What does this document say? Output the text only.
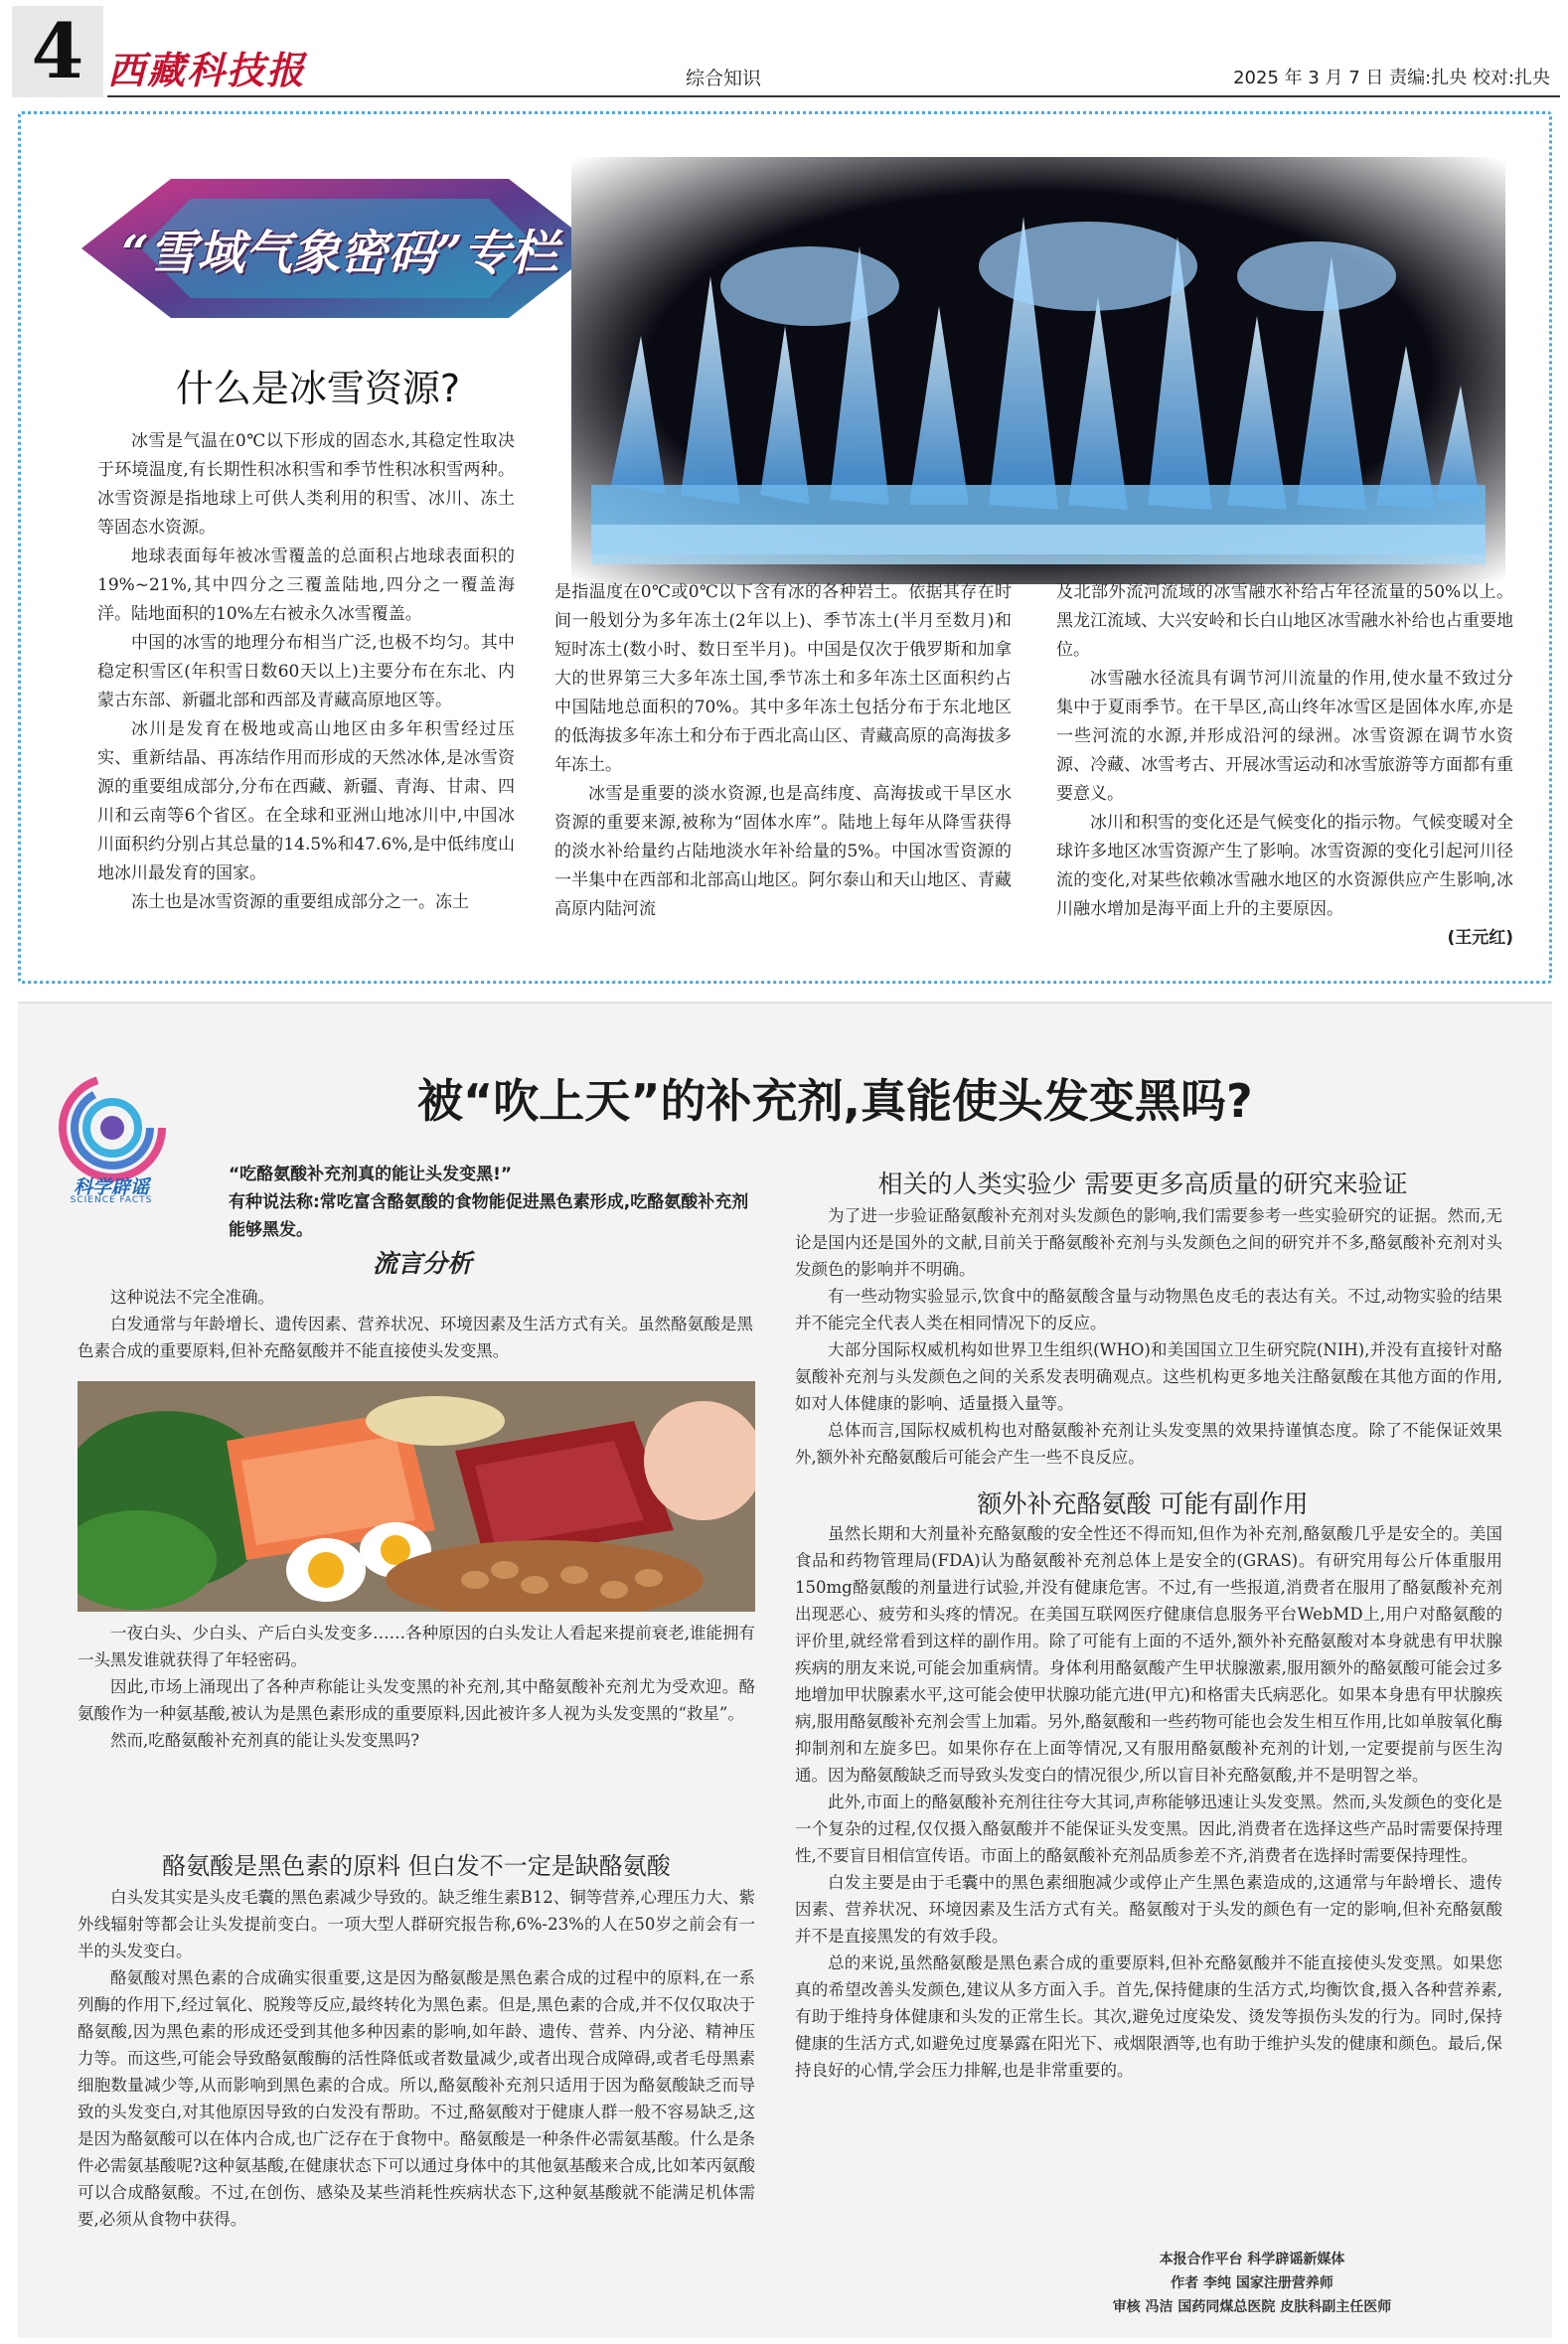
4 西藏科技报	综合知识	2025 年 3 月 7 日 责编:扎央 校对:扎央
“雪域气象密码”专栏
什么是冰雪资源?

冰雪是气温在0℃以下形成的固态水,其稳定性取决于环境温度,有长期性积冰积雪和季节性积冰积雪两种。冰雪资源是指地球上可供人类利用的积雪、冰川、冻土等固态水资源。

地球表面每年被冰雪覆盖的总面积占地球表面积的19%~21%,其中四分之三覆盖陆地,四分之一覆盖海洋。陆地面积的10%左右被永久冰雪覆盖。

中国的冰雪的地理分布相当广泛,也极不均匀。其中稳定积雪区(年积雪日数60天以上)主要分布在东北、内蒙古东部、新疆北部和西部及青藏高原地区等。

冰川是发育在极地或高山地区由多年积雪经过压实、重新结晶、再冻结作用而形成的天然冰体,是冰雪资源的重要组成部分,分布在西藏、新疆、青海、甘肃、四川和云南等6个省区。在全球和亚洲山地冰川中,中国冰川面积约分别占其总量的14.5%和47.6%,是中低纬度山地冰川最发育的国家。

冻土也是冰雪资源的重要组成部分之一。冻土

是指温度在0℃或0℃以下含有冰的各种岩土。依据其存在时间一般划分为多年冻土(2年以上)、季节冻土(半月至数月)和短时冻土(数小时、数日至半月)。中国是仅次于俄罗斯和加拿大的世界第三大多年冻土国,季节冻土和多年冻土区面积约占中国陆地总面积的70%。其中多年冻土包括分布于东北地区的低海拔多年冻土和分布于西北高山区、青藏高原的高海拔多年冻土。

冰雪是重要的淡水资源,也是高纬度、高海拔或干旱区水资源的重要来源,被称为“固体水库”。陆地上每年从降雪获得的淡水补给量约占陆地淡水年补给量的5%。中国冰雪资源的一半集中在西部和北部高山地区。阿尔泰山和天山地区、青藏高原内陆河流

及北部外流河流域的冰雪融水补给占年径流量的50%以上。黑龙江流域、大兴安岭和长白山地区冰雪融水补给也占重要地位。

冰雪融水径流具有调节河川流量的作用,使水量不致过分集中于夏雨季节。在干旱区,高山终年冰雪区是固体水库,亦是一些河流的水源,并形成沿河的绿洲。冰雪资源在调节水资源、冷藏、冰雪考古、开展冰雪运动和冰雪旅游等方面都有重要意义。

冰川和积雪的变化还是气候变化的指示物。气候变暖对全球许多地区冰雪资源产生了影响。冰雪资源的变化引起河川径流的变化,对某些依赖冰雪融水地区的水资源供应产生影响,冰川融水增加是海平面上升的主要原因。

(王元红)
科学辟谣
SCIENCE FACTS
被“吹上天”的补充剂,真能使头发变黑吗?
“吃酪氨酸补充剂真的能让头发变黑!”
有种说法称:常吃富含酪氨酸的食物能促进黑色素形成,吃酪氨酸补充剂能够黑发。
流言分析

这种说法不完全准确。

白发通常与年龄增长、遗传因素、营养状况、环境因素及生活方式有关。虽然酪氨酸是黑色素合成的重要原料,但补充酪氨酸并不能直接使头发变黑。

一夜白头、少白头、产后白头发变多……各种原因的白头发让人看起来提前衰老,谁能拥有一头黑发谁就获得了年轻密码。

因此,市场上涌现出了各种声称能让头发变黑的补充剂,其中酪氨酸补充剂尤为受欢迎。酪氨酸作为一种氨基酸,被认为是黑色素形成的重要原料,因此被许多人视为头发变黑的“救星”。

然而,吃酪氨酸补充剂真的能让头发变黑吗?

酪氨酸是黑色素的原料 但白发不一定是缺酪氨酸

白头发其实是头皮毛囊的黑色素减少导致的。缺乏维生素B12、铜等营养,心理压力大、紫外线辐射等都会让头发提前变白。一项大型人群研究报告称,6%-23%的人在50岁之前会有一半的头发变白。

酪氨酸对黑色素的合成确实很重要,这是因为酪氨酸是黑色素合成的过程中的原料,在一系列酶的作用下,经过氧化、脱羧等反应,最终转化为黑色素。但是,黑色素的合成,并不仅仅取决于酪氨酸,因为黑色素的形成还受到其他多种因素的影响,如年龄、遗传、营养、内分泌、精神压力等。而这些,可能会导致酪氨酸酶的活性降低或者数量减少,或者出现合成障碍,或者毛母黑素细胞数量减少等,从而影响到黑色素的合成。所以,酪氨酸补充剂只适用于因为酪氨酸缺乏而导致的头发变白,对其他原因导致的白发没有帮助。不过,酪氨酸对于健康人群一般不容易缺乏,这是因为酪氨酸可以在体内合成,也广泛存在于食物中。酪氨酸是一种条件必需氨基酸。什么是条件必需氨基酸呢?这种氨基酸,在健康状态下可以通过身体中的其他氨基酸来合成,比如苯丙氨酸可以合成酪氨酸。不过,在创伤、感染及某些消耗性疾病状态下,这种氨基酸就不能满足机体需要,必须从食物中获得。

相关的人类实验少 需要更多高质量的研究来验证

为了进一步验证酪氨酸补充剂对头发颜色的影响,我们需要参考一些实验研究的证据。然而,无论是国内还是国外的文献,目前关于酪氨酸补充剂与头发颜色之间的研究并不多,酪氨酸补充剂对头发颜色的影响并不明确。

有一些动物实验显示,饮食中的酪氨酸含量与动物黑色皮毛的表达有关。不过,动物实验的结果并不能完全代表人类在相同情况下的反应。

大部分国际权威机构如世界卫生组织(WHO)和美国国立卫生研究院(NIH),并没有直接针对酪氨酸补充剂与头发颜色之间的关系发表明确观点。这些机构更多地关注酪氨酸在其他方面的作用,如对人体健康的影响、适量摄入量等。

总体而言,国际权威机构也对酪氨酸补充剂让头发变黑的效果持谨慎态度。除了不能保证效果外,额外补充酪氨酸后可能会产生一些不良反应。

额外补充酪氨酸 可能有副作用

虽然长期和大剂量补充酪氨酸的安全性还不得而知,但作为补充剂,酪氨酸几乎是安全的。美国食品和药物管理局(FDA)认为酪氨酸补充剂总体上是安全的(GRAS)。有研究用每公斤体重服用150mg酪氨酸的剂量进行试验,并没有健康危害。不过,有一些报道,消费者在服用了酪氨酸补充剂出现恶心、疲劳和头疼的情况。在美国互联网医疗健康信息服务平台WebMD上,用户对酪氨酸的评价里,就经常看到这样的副作用。除了可能有上面的不适外,额外补充酪氨酸对本身就患有甲状腺疾病的朋友来说,可能会加重病情。身体利用酪氨酸产生甲状腺激素,服用额外的酪氨酸可能会过多地增加甲状腺素水平,这可能会使甲状腺功能亢进(甲亢)和格雷夫氏病恶化。如果本身患有甲状腺疾病,服用酪氨酸补充剂会雪上加霜。另外,酪氨酸和一些药物可能也会发生相互作用,比如单胺氧化酶抑制剂和左旋多巴。如果你存在上面等情况,又有服用酪氨酸补充剂的计划,一定要提前与医生沟通。因为酪氨酸缺乏而导致头发变白的情况很少,所以盲目补充酪氨酸,并不是明智之举。

此外,市面上的酪氨酸补充剂往往夸大其词,声称能够迅速让头发变黑。然而,头发颜色的变化是一个复杂的过程,仅仅摄入酪氨酸并不能保证头发变黑。因此,消费者在选择这些产品时需要保持理性,不要盲目相信宣传语。市面上的酪氨酸补充剂品质参差不齐,消费者在选择时需要保持理性。

白发主要是由于毛囊中的黑色素细胞减少或停止产生黑色素造成的,这通常与年龄增长、遗传因素、营养状况、环境因素及生活方式有关。酪氨酸对于头发的颜色有一定的影响,但补充酪氨酸并不是直接黑发的有效手段。

总的来说,虽然酪氨酸是黑色素合成的重要原料,但补充酪氨酸并不能直接使头发变黑。如果您真的希望改善头发颜色,建议从多方面入手。首先,保持健康的生活方式,均衡饮食,摄入各种营养素,有助于维持身体健康和头发的正常生长。其次,避免过度染发、烫发等损伤头发的行为。同时,保持健康的生活方式,如避免过度暴露在阳光下、戒烟限酒等,也有助于维护头发的健康和颜色。最后,保持良好的心情,学会压力排解,也是非常重要的。

本报合作平台 科学辟谣新媒体
作者 李纯 国家注册营养师
审核 冯洁 国药同煤总医院 皮肤科副主任医师
